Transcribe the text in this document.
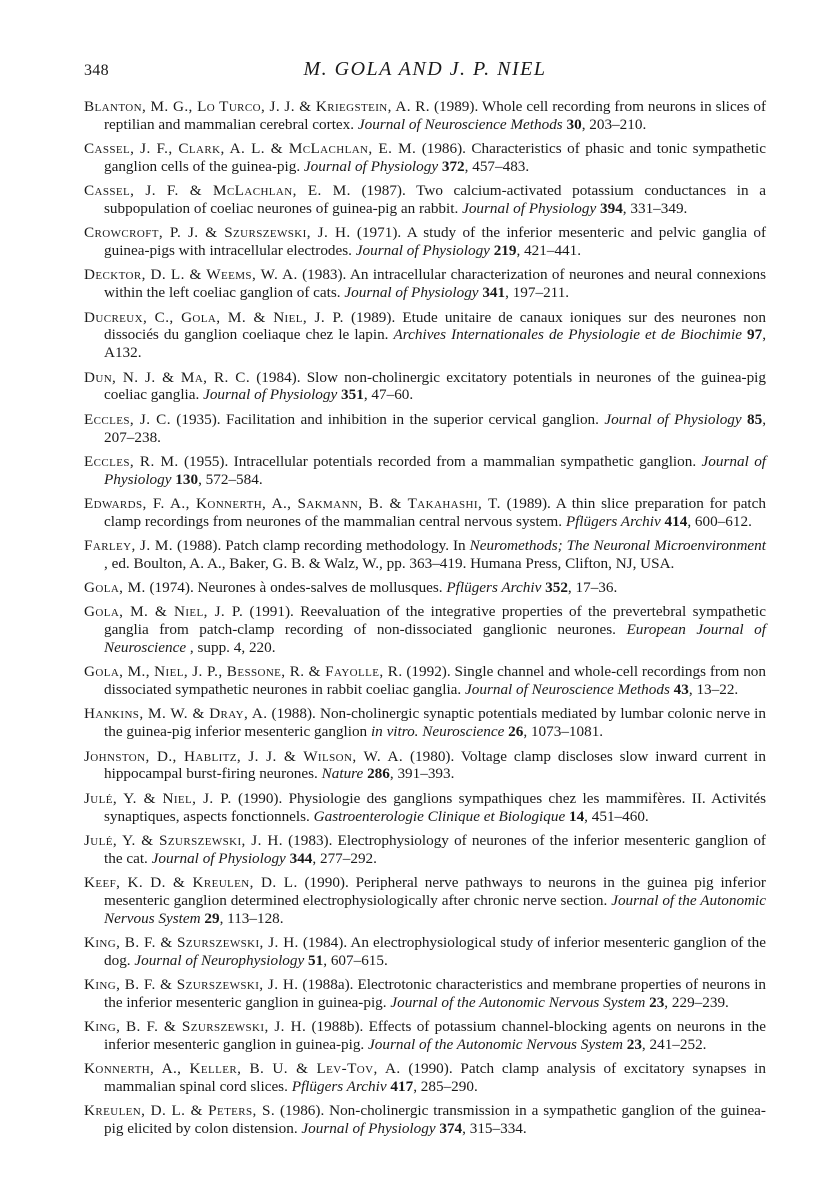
348	M. GOLA AND J. P. NIEL
Blanton, M. G., Lo Turco, J. J. & Kriegstein, A. R. (1989). Whole cell recording from neurons in slices of reptilian and mammalian cerebral cortex. Journal of Neuroscience Methods 30, 203–210.
Cassel, J. F., Clark, A. L. & McLachlan, E. M. (1986). Characteristics of phasic and tonic sympathetic ganglion cells of the guinea-pig. Journal of Physiology 372, 457–483.
Cassel, J. F. & McLachlan, E. M. (1987). Two calcium-activated potassium conductances in a subpopulation of coeliac neurones of guinea-pig an rabbit. Journal of Physiology 394, 331–349.
Crowcroft, P. J. & Szurszewski, J. H. (1971). A study of the inferior mesenteric and pelvic ganglia of guinea-pigs with intracellular electrodes. Journal of Physiology 219, 421–441.
Decktor, D. L. & Weems, W. A. (1983). An intracellular characterization of neurones and neural connexions within the left coeliac ganglion of cats. Journal of Physiology 341, 197–211.
Ducreux, C., Gola, M. & Niel, J. P. (1989). Etude unitaire de canaux ioniques sur des neurones non dissociés du ganglion coeliaque chez le lapin. Archives Internationales de Physiologie et de Biochimie 97, A132.
Dun, N. J. & Ma, R. C. (1984). Slow non-cholinergic excitatory potentials in neurones of the guinea-pig coeliac ganglia. Journal of Physiology 351, 47–60.
Eccles, J. C. (1935). Facilitation and inhibition in the superior cervical ganglion. Journal of Physiology 85, 207–238.
Eccles, R. M. (1955). Intracellular potentials recorded from a mammalian sympathetic ganglion. Journal of Physiology 130, 572–584.
Edwards, F. A., Konnerth, A., Sakmann, B. & Takahashi, T. (1989). A thin slice preparation for patch clamp recordings from neurones of the mammalian central nervous system. Pflügers Archiv 414, 600–612.
Farley, J. M. (1988). Patch clamp recording methodology. In Neuromethods; The Neuronal Microenvironment , ed. Boulton, A. A., Baker, G. B. & Walz, W., pp. 363–419. Humana Press, Clifton, NJ, USA.
Gola, M. (1974). Neurones à ondes-salves de mollusques. Pflügers Archiv 352, 17–36.
Gola, M. & Niel, J. P. (1991). Reevaluation of the integrative properties of the prevertebral sympathetic ganglia from patch-clamp recording of non-dissociated ganglionic neurones. European Journal of Neuroscience , supp. 4, 220.
Gola, M., Niel, J. P., Bessone, R. & Fayolle, R. (1992). Single channel and whole-cell recordings from non dissociated sympathetic neurones in rabbit coeliac ganglia. Journal of Neuroscience Methods 43, 13–22.
Hankins, M. W. & Dray, A. (1988). Non-cholinergic synaptic potentials mediated by lumbar colonic nerve in the guinea-pig inferior mesenteric ganglion in vitro. Neuroscience 26, 1073–1081.
Johnston, D., Hablitz, J. J. & Wilson, W. A. (1980). Voltage clamp discloses slow inward current in hippocampal burst-firing neurones. Nature 286, 391–393.
Julé, Y. & Niel, J. P. (1990). Physiologie des ganglions sympathiques chez les mammifères. II. Activités synaptiques, aspects fonctionnels. Gastroenterologie Clinique et Biologique 14, 451–460.
Julé, Y. & Szurszewski, J. H. (1983). Electrophysiology of neurones of the inferior mesenteric ganglion of the cat. Journal of Physiology 344, 277–292.
Keef, K. D. & Kreulen, D. L. (1990). Peripheral nerve pathways to neurons in the guinea pig inferior mesenteric ganglion determined electrophysiologically after chronic nerve section. Journal of the Autonomic Nervous System 29, 113–128.
King, B. F. & Szurszewski, J. H. (1984). An electrophysiological study of inferior mesenteric ganglion of the dog. Journal of Neurophysiology 51, 607–615.
King, B. F. & Szurszewski, J. H. (1988a). Electrotonic characteristics and membrane properties of neurons in the inferior mesenteric ganglion in guinea-pig. Journal of the Autonomic Nervous System 23, 229–239.
King, B. F. & Szurszewski, J. H. (1988b). Effects of potassium channel-blocking agents on neurons in the inferior mesenteric ganglion in guinea-pig. Journal of the Autonomic Nervous System 23, 241–252.
Konnerth, A., Keller, B. U. & Lev-Tov, A. (1990). Patch clamp analysis of excitatory synapses in mammalian spinal cord slices. Pflügers Archiv 417, 285–290.
Kreulen, D. L. & Peters, S. (1986). Non-cholinergic transmission in a sympathetic ganglion of the guinea-pig elicited by colon distension. Journal of Physiology 374, 315–334.
